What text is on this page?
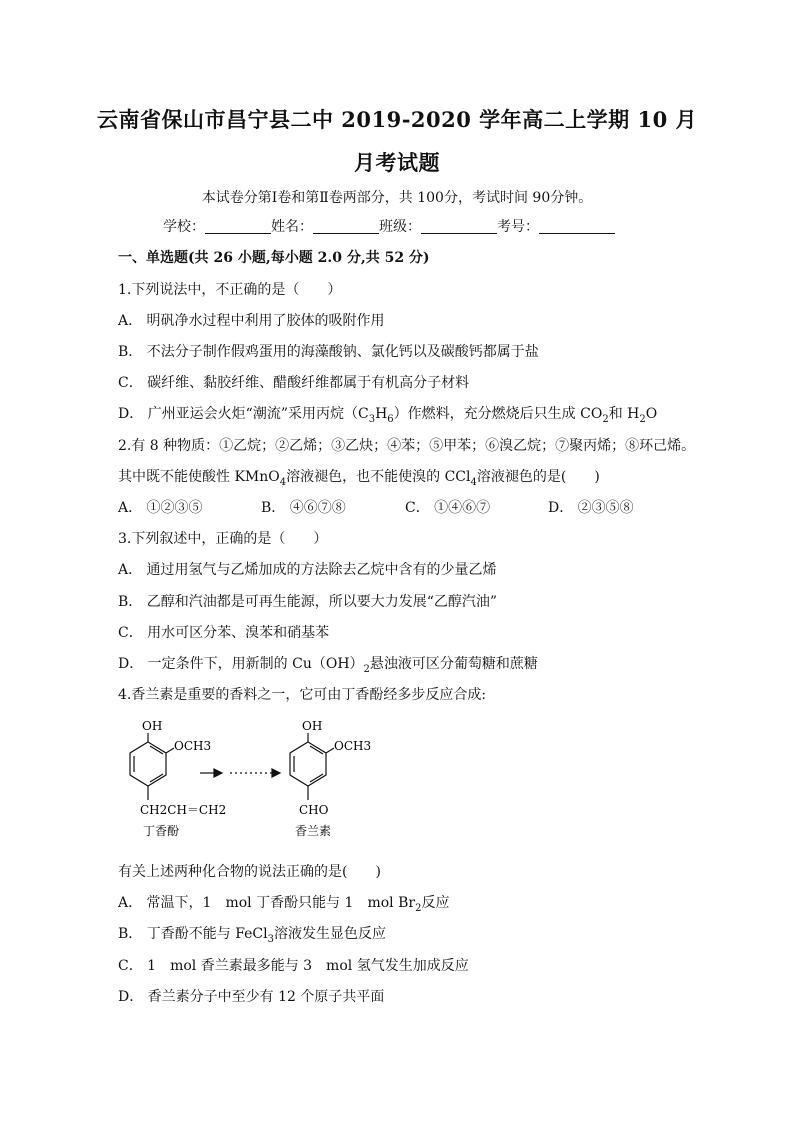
云南省保山市昌宁县二中 2019-2020 学年高二上学期 10 月
月考试题
本试卷分第Ⅰ卷和第Ⅱ卷两部分，共 100分，考试时间 90分钟。
学校：	姓名：	班级：	考号：
一、单选题(共 26 小题,每小题 2.0 分,共 52 分)
1.下列说法中，不正确的是（　　）
A． 明矾净水过程中利用了胶体的吸附作用
B． 不法分子制作假鸡蛋用的海藻酸钠、氯化钙以及碳酸钙都属于盐
C． 碳纤维、黏胶纤维、醋酸纤维都属于有机高分子材料
D． 广州亚运会火炬“潮流”采用丙烷$(C_3H_6)$作燃料，充分燃烧后只生成 $CO_2$和 $H_2O$
2.有 8 种物质：①乙烷；②乙烯；③乙炔；④苯；⑤甲苯；⑥溴乙烷；⑦聚丙烯；⑧环己烯。
其中既不能使酸性 KMnO$_4$溶液褪色，也不能使溴的 CCl$_4$溶液褪色的是(　　)
A． ①②③⑤	B． ④⑥⑦⑧	C． ①④⑥⑦	D． ②③⑤⑧
3.下列叙述中，正确的是（　　）
A． 通过用氢气与乙烯加成的方法除去乙烷中含有的少量乙烯
B． 乙醇和汽油都是可再生能源，所以要大力发展“乙醇汽油”
C． 用水可区分苯、溴苯和硝基苯
D． 一定条件下，用新制的 $Cu(OH)_2$悬浊液可区分葡萄糖和蔗糖
4.香兰素是重要的香料之一，它可由丁香酚经多步反应合成:
OH
OCH3
CH2CH＝CH2
丁香酚
OH
OCH3
CHO
香兰素
有关上述两种化合物的说法正确的是(　　)
A． 常温下，1　mol 丁香酚只能与 1　mol $Br_2$反应
B． 丁香酚不能与 FeCl$_3$溶液发生显色反应
C． 1　mol 香兰素最多能与 3　mol 氢气发生加成反应
D． 香兰素分子中至少有 12 个原子共平面
